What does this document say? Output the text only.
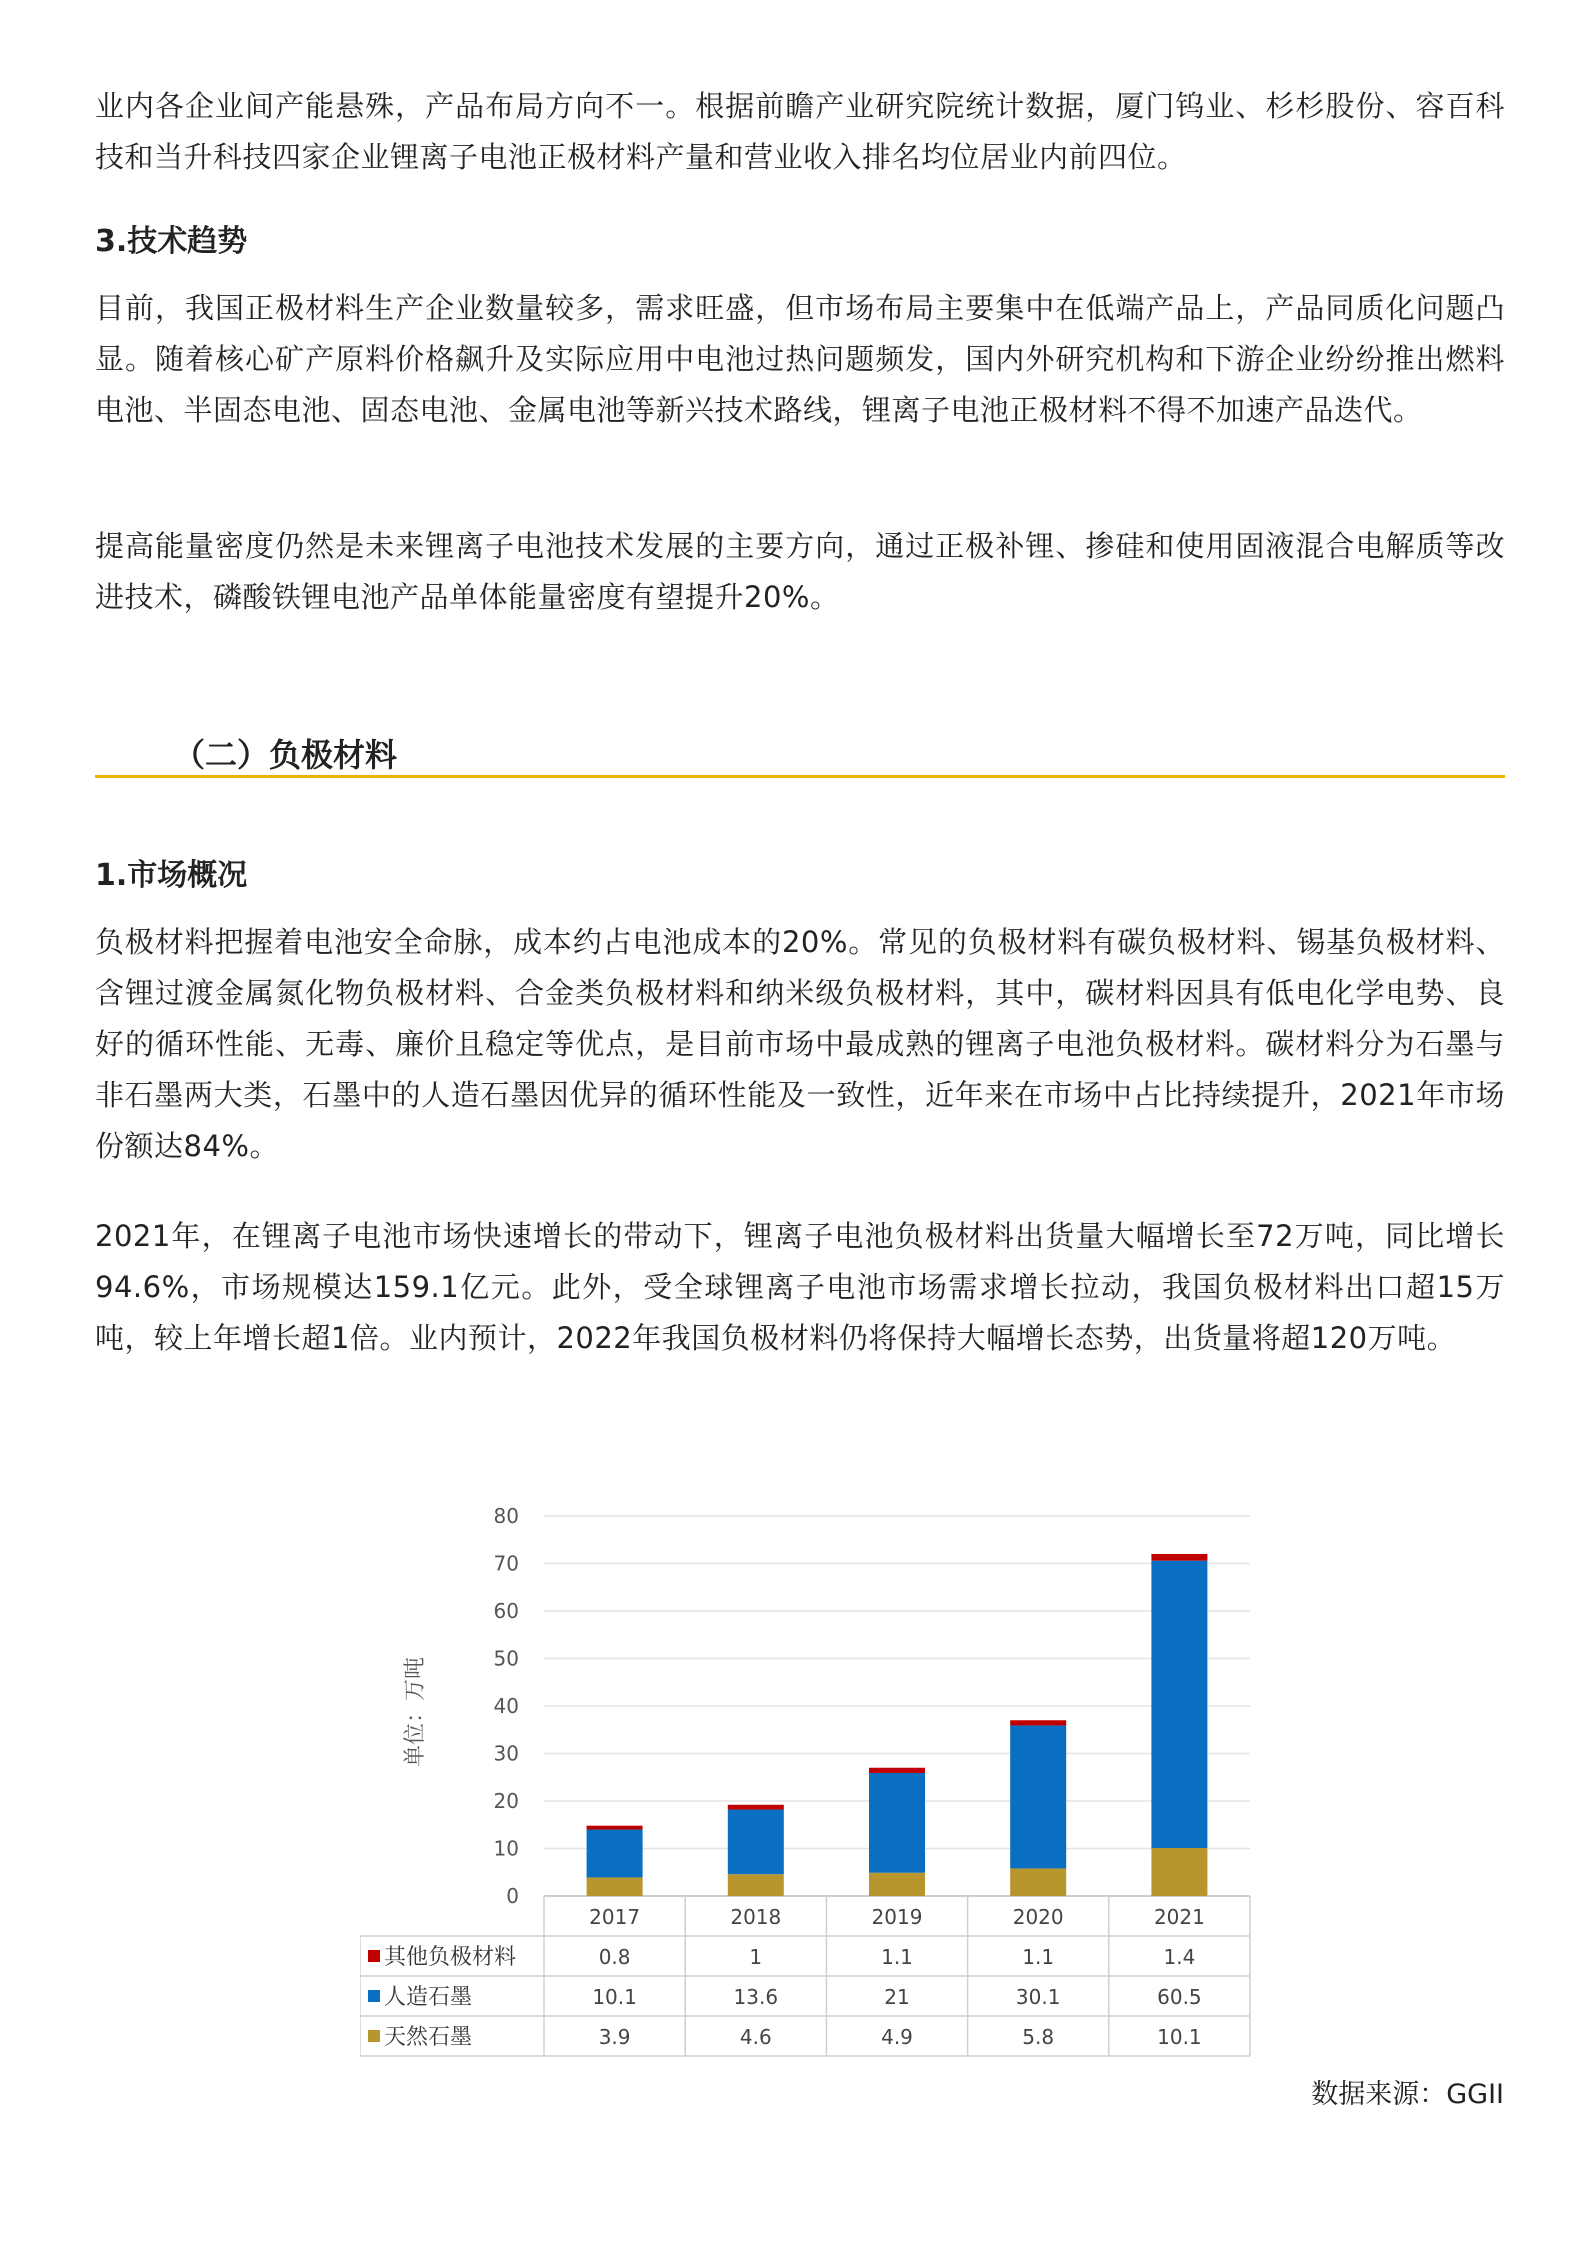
业内各企业间产能悬殊，产品布局方向不一。根据前瞻产业研究院统计数据，厦门钨业、杉杉股份、容百科技和当升科技四家企业锂离子电池正极材料产量和营业收入排名均位居业内前四位。

3.技术趋势

目前，我国正极材料生产企业数量较多，需求旺盛，但市场布局主要集中在低端产品上，产品同质化问题凸显。随着核心矿产原料价格飙升及实际应用中电池过热问题频发，国内外研究机构和下游企业纷纷推出燃料电池、半固态电池、固态电池、金属电池等新兴技术路线，锂离子电池正极材料不得不加速产品迭代。

提高能量密度仍然是未来锂离子电池技术发展的主要方向，通过正极补锂、掺硅和使用固液混合电解质等改进技术，磷酸铁锂电池产品单体能量密度有望提升20%。

（二）负极材料

1.市场概况

负极材料把握着电池安全命脉，成本约占电池成本的20%。常见的负极材料有碳负极材料、锡基负极材料、含锂过渡金属氮化物负极材料、合金类负极材料和纳米级负极材料，其中，碳材料因具有低电化学电势、良好的循环性能、无毒、廉价且稳定等优点，是目前市场中最成熟的锂离子电池负极材料。碳材料分为石墨与非石墨两大类，石墨中的人造石墨因优异的循环性能及一致性，近年来在市场中占比持续提升，2021年市场份额达84%。

2021年，在锂离子电池市场快速增长的带动下，锂离子电池负极材料出货量大幅增长至72万吨，同比增长94.6%，市场规模达159.1亿元。此外，受全球锂离子电池市场需求增长拉动，我国负极材料出口超15万吨，较上年增长超1倍。业内预计，2022年我国负极材料仍将保持大幅增长态势，出货量将超120万吨。

0
10
20
30
40
50
60
70
80
2017	2018	2019	2020	2021
其他负极材料	0.8	1	1.1	1.1	1.4
人造石墨	10.1	13.6	21	30.1	60.5
天然石墨	3.9	4.6	4.9	5.8	10.1
单位：万吨
数据来源：GGII
